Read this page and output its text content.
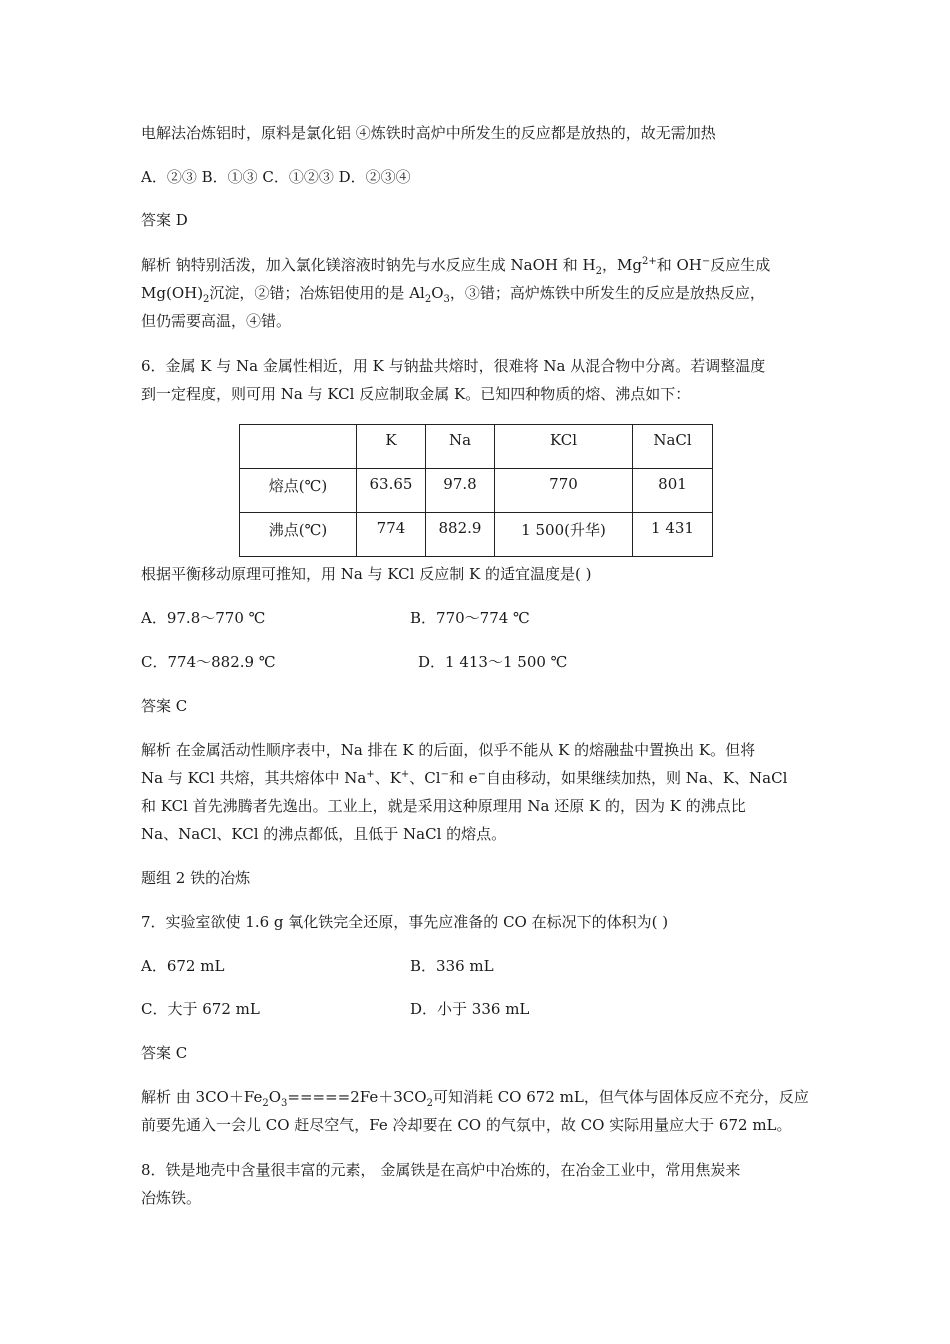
电解法冶炼铝时，原料是氯化铝 ④炼铁时高炉中所发生的反应都是放热的，故无需加热
A．②③ B．①③ C．①②③ D．②③④
答案 D
解析 钠特别活泼，加入氯化镁溶液时钠先与水反应生成 NaOH 和 $H_2$，$Mg^{2+}$和 OH−反应生成
$Mg(OH)_2$沉淀，②错；冶炼铝使用的是 $Al_2O_3$，③错；高炉炼铁中所发生的反应是放热反应，
但仍需要高温，④错。
6．金属 K 与 Na 金属性相近，用 K 与钠盐共熔时，很难将 Na 从混合物中分离。若调整温度
到一定程度，则可用 Na 与 KCl 反应制取金属 K。已知四种物质的熔、沸点如下：
	K	Na	KCl	NaCl
熔点(℃)	63.65	97.8	770	801
沸点(℃)	774	882.9	1 500(升华)	1 431
根据平衡移动原理可推知，用 Na 与 KCl 反应制 K 的适宜温度是( )
A．97.8～770 ℃	B．770～774 ℃
C．774～882.9 ℃	D．1 413～1 500 ℃
答案 C
解析 在金属活动性顺序表中，Na 排在 K 的后面，似乎不能从 K 的熔融盐中置换出 K。但将
Na 与 KCl 共熔，其共熔体中 Na+、K+、Cl−和 e−自由移动，如果继续加热，则 Na、K、NaCl
和 KCl 首先沸腾者先逸出。工业上，就是采用这种原理用 Na 还原 K 的，因为 K 的沸点比
Na、NaCl、KCl 的沸点都低，且低于 NaCl 的熔点。
题组 2 铁的冶炼
7．实验室欲使 1.6 g 氧化铁完全还原，事先应准备的 CO 在标况下的体积为( )
A．672 mL	B．336 mL
C．大于 672 mL	D．小于 336 mL
答案 C
解析 由 $3CO+Fe_2O_3=====2Fe+3CO_2$可知消耗 CO 672 mL，但气体与固体反应不充分，反应
前要先通入一会儿 CO 赶尽空气，Fe 冷却要在 CO 的气氛中，故 CO 实际用量应大于 672 mL。
8．铁是地壳中含量很丰富的元素， 金属铁是在高炉中冶炼的，在冶金工业中，常用焦炭来
冶炼铁。
